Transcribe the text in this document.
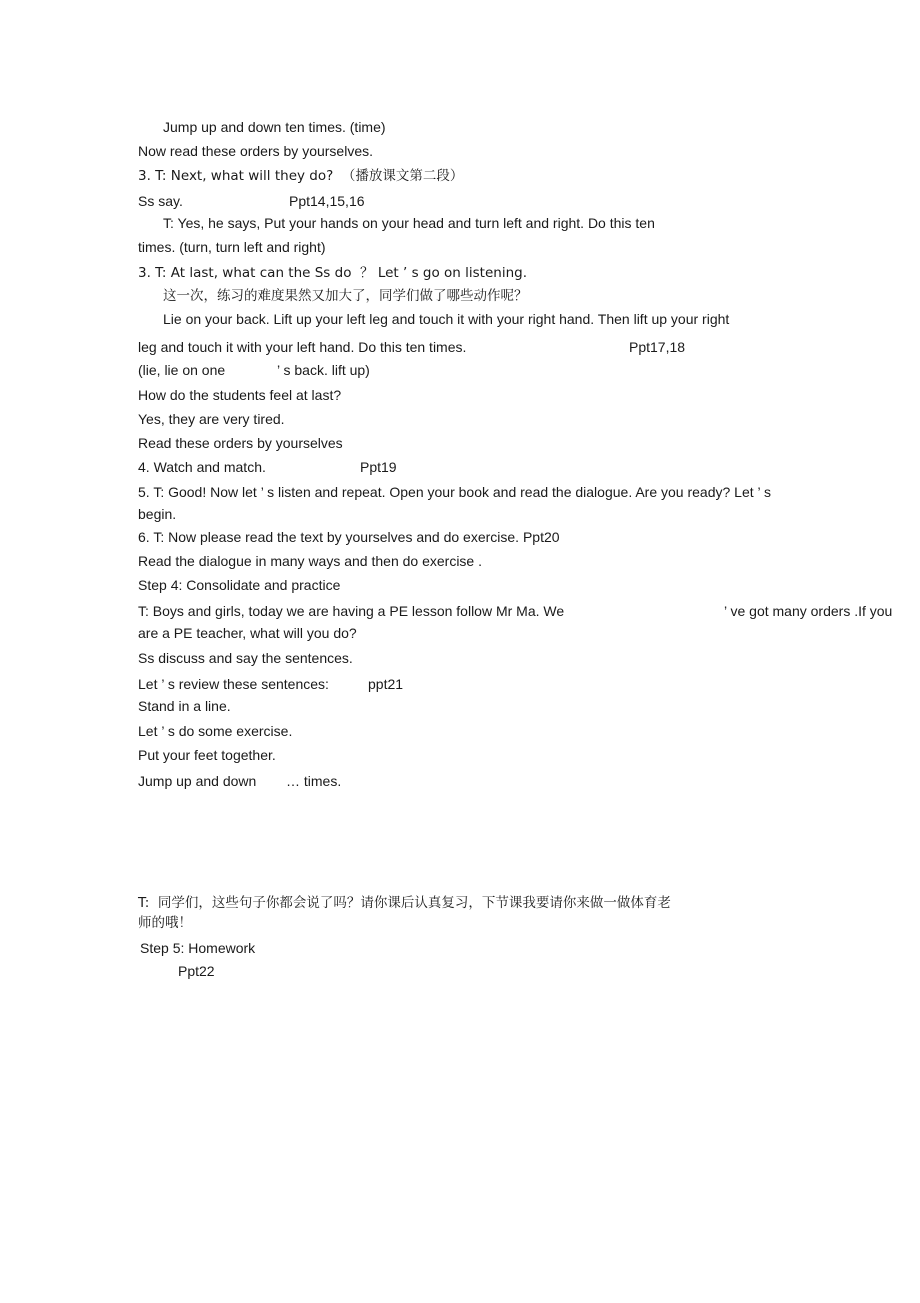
Jump up and down ten times. (time)
Now read these orders by yourselves.
3. T: Next, what will they do?  （播放课文第二段）
Ss say.	Ppt14,15,16
T: Yes, he says, Put your hands on your head and turn left and right. Do this ten
times. (turn, turn left and right)
3. T: At last, what can the Ss do  ？ Let ’ s go on listening.
这一次，练习的难度果然又加大了，同学们做了哪些动作呢？
Lie on your back. Lift up your left leg and touch it with your right hand. Then lift up your right
leg and touch it with your left hand. Do this ten times.	Ppt17,18
(lie, lie on one	’ s back. lift up)
How do the students feel at last?
Yes, they are very tired.
Read these orders by yourselves
4. Watch and match.	Ppt19
5. T: Good! Now let ’ s listen and repeat. Open your book and read the dialogue. Are you ready? Let ’ s
begin.
6. T: Now please read the text by yourselves and do exercise. Ppt20
Read the dialogue in many ways and then do exercise .
Step 4: Consolidate and practice
T: Boys and girls, today we are having a PE lesson follow Mr Ma. We	’ ve got many orders .If you
are a PE teacher, what will you do?
Ss discuss and say the sentences.
Let ’ s review these sentences:	ppt21
Stand in a line.
Let ’ s do some exercise.
Put your feet together.
Jump up and down … times.
T:  同学们，这些句子你都会说了吗？请你课后认真复习，下节课我要请你来做一做体育老
师的哦！
Step 5: Homework
Ppt22
